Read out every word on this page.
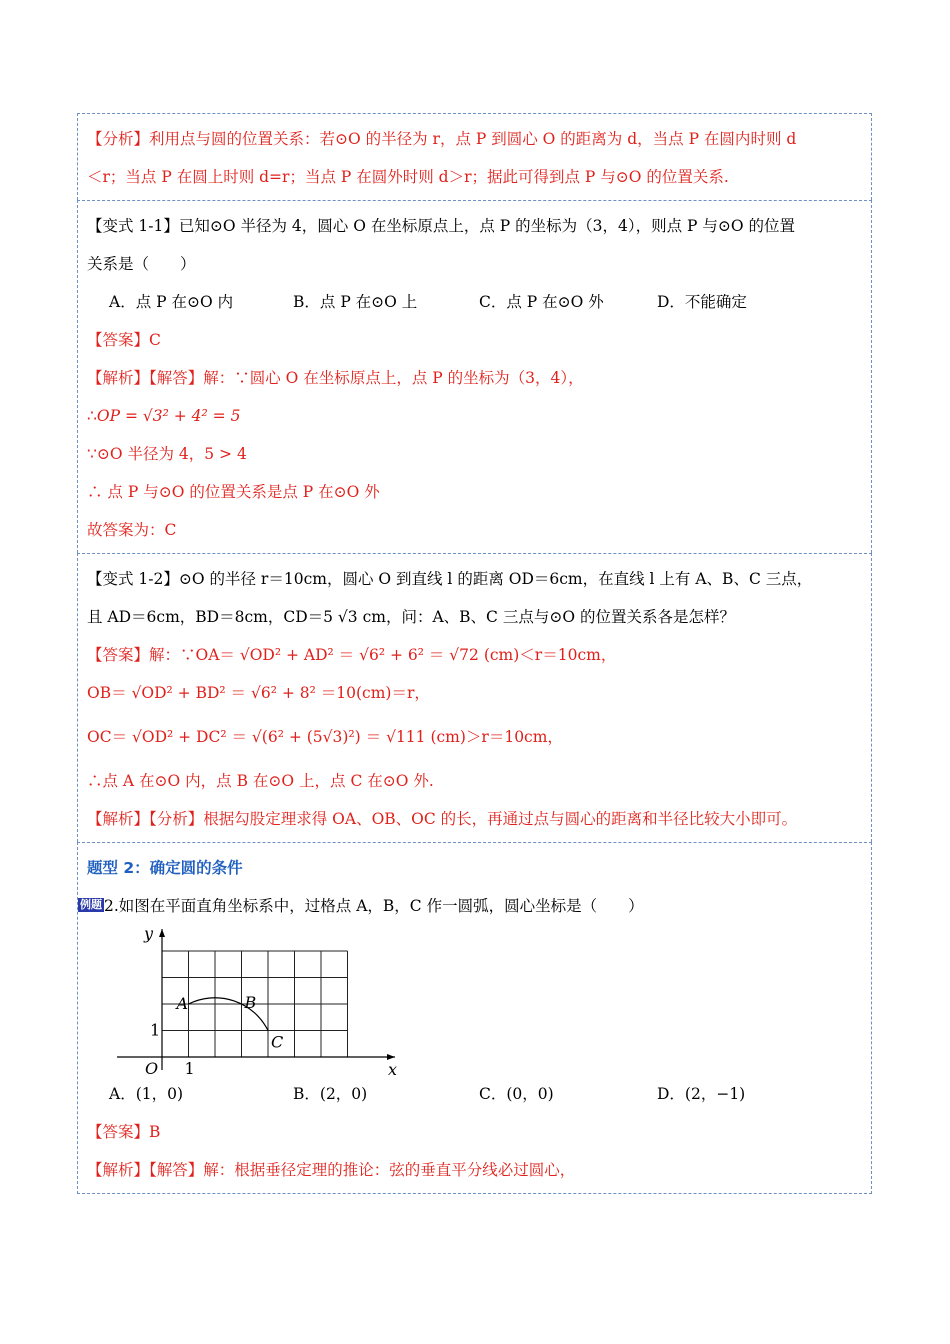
【分析】利用点与圆的位置关系：若⊙O 的半径为 r，点 P 到圆心 O 的距离为 d，当点 P 在圆内时则 d
＜r；当点 P 在圆上时则 d=r；当点 P 在圆外时则 d＞r；据此可得到点 P 与⊙O 的位置关系.
【变式 1-1】已知⊙O 半径为 4，圆心 O 在坐标原点上，点 P 的坐标为（3，4），则点 P 与⊙O 的位置
关系是（　　）
A．点 P 在⊙O 内	B．点 P 在⊙O 上	C．点 P 在⊙O 外	D．不能确定
【答案】C
【解析】【解答】解：∵圆心 O 在坐标原点上，点 P 的坐标为（3，4），
∴OP = √3² + 4² = 5
∵⊙O 半径为 4，5 > 4
∴ 点 P 与⊙O 的位置关系是点 P 在⊙O 外
故答案为：C
【变式 1-2】⊙O 的半径 r＝10cm，圆心 O 到直线 l 的距离 OD＝6cm，在直线 l 上有 A、B、C 三点，
且 AD＝6cm，BD＝8cm，CD＝5 √3 cm，问：A、B、C 三点与⊙O 的位置关系各是怎样？
【答案】解：∵OA＝ √OD² + AD² ＝ √6² + 6² ＝ √72 (cm)＜r＝10cm，
OB＝ √OD² + BD² ＝ √6² + 8² ＝10(cm)＝r，
OC＝ √OD² + DC² ＝ √(6² + (5√3)²) ＝ √111 (cm)＞r＝10cm，
∴点 A 在⊙O 内，点 B 在⊙O 上，点 C 在⊙O 外.
【解析】【分析】根据勾股定理求得 OA、OB、OC 的长，再通过点与圆心的距离和半径比较大小即可。
题型 2：确定圆的条件
例题 2.如图在平面直角坐标系中，过格点 A，B，C 作一圆弧，圆心坐标是（　　）
y
x
O 1
1
A	B
C
A．(1，0)	B．(2，0)	C．(0，0)	D．(2，−1)
【答案】B
【解析】【解答】解：根据垂径定理的推论：弦的垂直平分线必过圆心，
